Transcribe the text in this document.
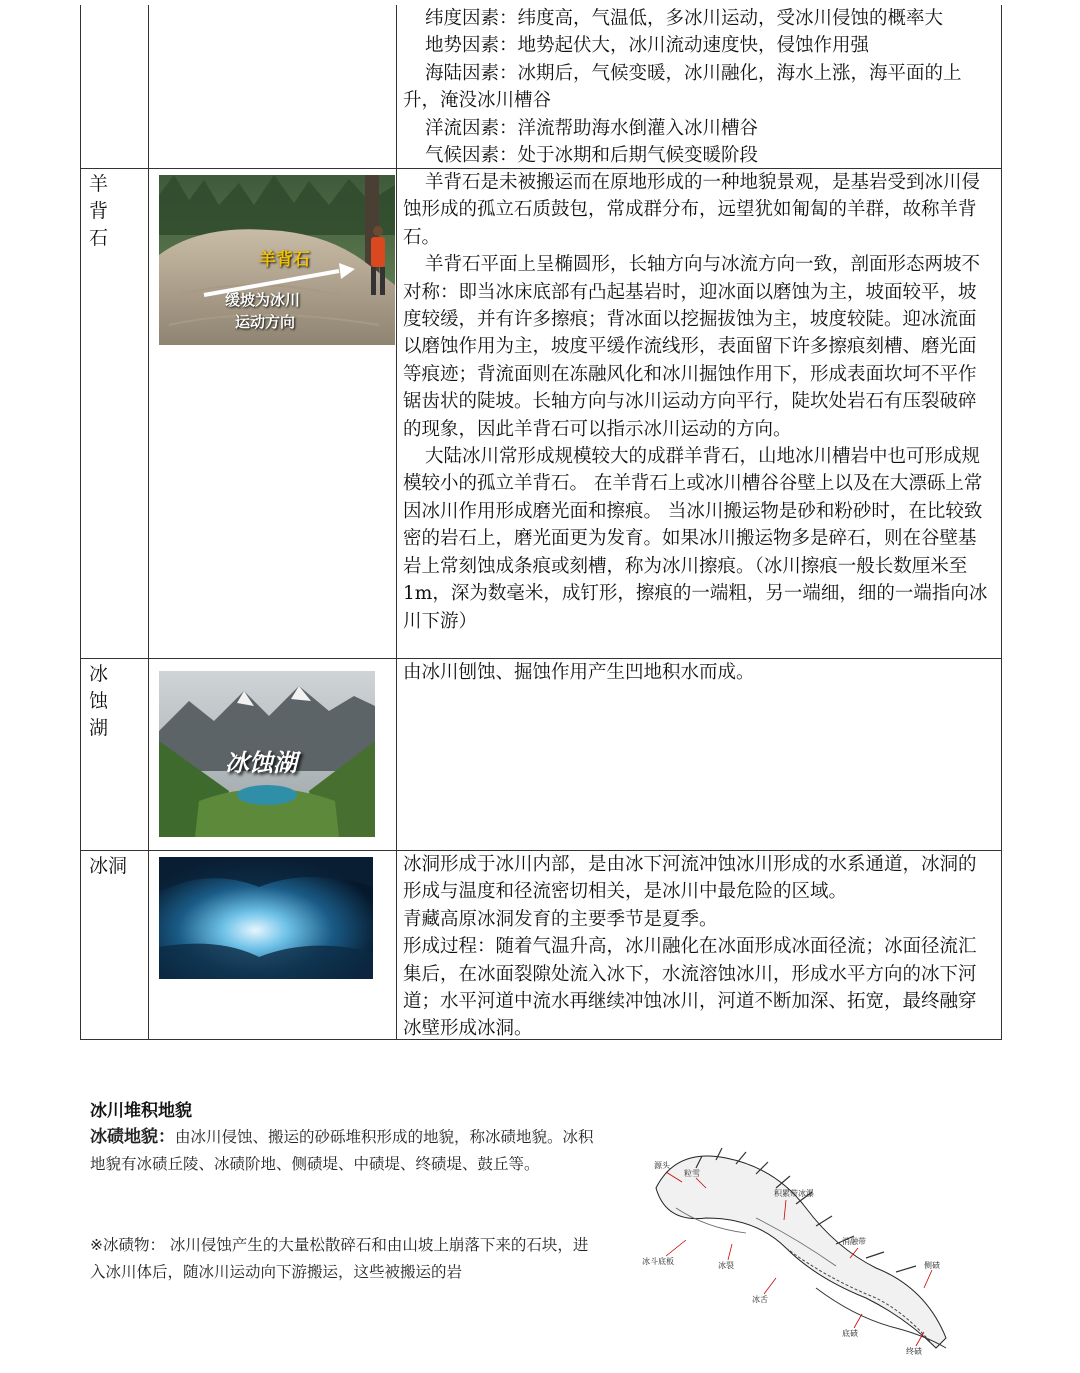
纬度因素：纬度高，气温低，多冰川运动，受冰川侵蚀的概率大

地势因素：地势起伏大，冰川流动速度快，侵蚀作用强

海陆因素：冰期后，气候变暖，冰川融化，海水上涨，海平面的上升，淹没冰川槽谷

洋流因素：洋流帮助海水倒灌入冰川槽谷

气候因素：处于冰期和后期气候变暖阶段

羊背石
羊背石
缓坡为冰川
运动方向

羊背石是未被搬运而在原地形成的一种地貌景观，是基岩受到冰川侵蚀形成的孤立石质鼓包，常成群分布，远望犹如匍匐的羊群，故称羊背石。

羊背石平面上呈椭圆形，长轴方向与冰流方向一致，剖面形态两坡不对称：即当冰床底部有凸起基岩时，迎冰面以磨蚀为主，坡面较平，坡度较缓，并有许多擦痕；背冰面以挖掘拔蚀为主，坡度较陡。迎冰流面以磨蚀作用为主，坡度平缓作流线形，表面留下许多擦痕刻槽、磨光面等痕迹；背流面则在冻融风化和冰川掘蚀作用下，形成表面坎坷不平作锯齿状的陡坡。长轴方向与冰川运动方向平行，陡坎处岩石有压裂破碎的现象，因此羊背石可以指示冰川运动的方向。

大陆冰川常形成规模较大的成群羊背石，山地冰川槽岩中也可形成规模较小的孤立羊背石。 在羊背石上或冰川槽谷谷壁上以及在大漂砾上常因冰川作用形成磨光面和擦痕。 当冰川搬运物是砂和粉砂时，在比较致密的岩石上，磨光面更为发育。如果冰川搬运物多是碎石，则在谷壁基岩上常刻蚀成条痕或刻槽，称为冰川擦痕。（冰川擦痕一般长数厘米至 1m，深为数毫米，成钉形，擦痕的一端粗，另一端细，细的一端指向冰川下游）

冰蚀湖
冰蚀湖

由冰川刨蚀、掘蚀作用产生凹地积水而成。

冰洞	冰洞形成于冰川内部，是由冰下河流冲蚀冰川形成的水系通道，冰洞的形成与温度和径流密切相关，是冰川中最危险的区域。

青藏高原冰洞发育的主要季节是夏季。

形成过程：随着气温升高，冰川融化在冰面形成冰面径流；冰面径流汇集后，在冰面裂隙处流入冰下，水流溶蚀冰川，形成水平方向的冰下河道；水平河道中流水再继续冲蚀冰川，河道不断加深、拓宽，最终融穿冰壁形成冰洞。

冰川堆积地貌
冰碛地貌：由冰川侵蚀、搬运的砂砾堆积形成的地貌，称冰碛地貌。冰积地貌有冰碛丘陵、冰碛阶地、侧碛堤、中碛堤、终碛堤、鼓丘等。
※冰碛物： 冰川侵蚀产生的大量松散碎石和由山坡上崩落下来的石块，进入冰川体后，随冰川运动向下游搬运，这些被搬运的岩
源头
粒雪
积累带冰瀑
冰斗底板	冰裂
消融带
侧碛
冰舌
底碛
终碛
